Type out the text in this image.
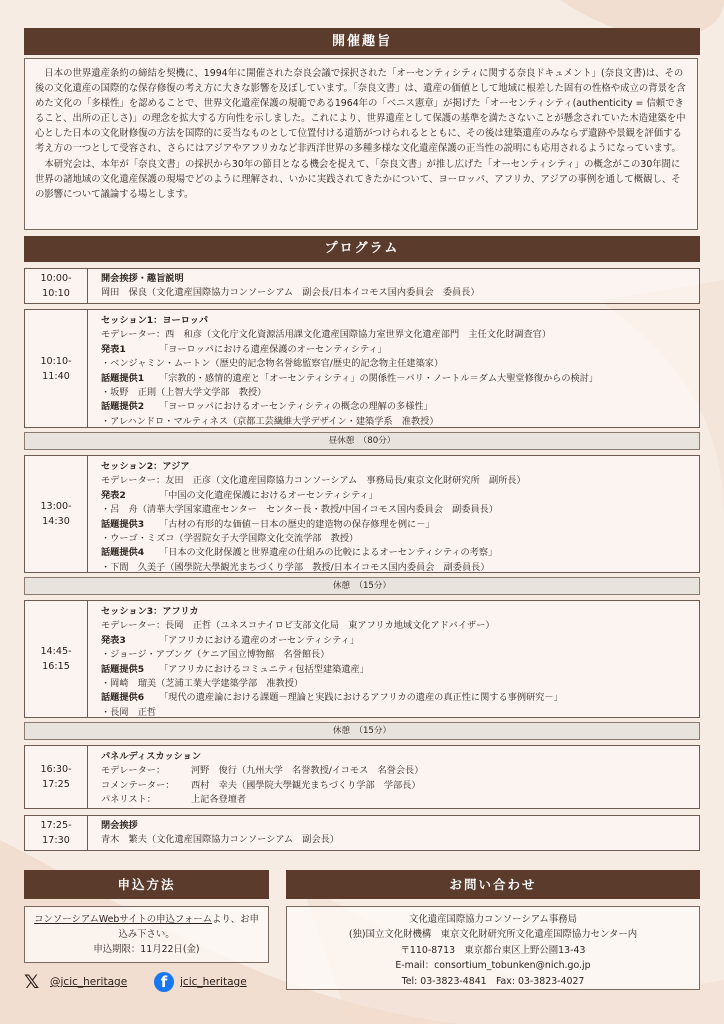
開催趣旨

日本の世界遺産条約の締結を契機に、1994年に開催された奈良会議で採択された「オーセンティシティに関する奈良ドキュメント」(奈良文書)は、その後の文化遺産の国際的な保存修復の考え方に大きな影響を及ぼしています。「奈良文書」は、遺産の価値として地域に根差した固有の性格や成立の背景を含めた文化の「多様性」を認めることで、世界文化遺産保護の規範である1964年の「ベニス憲章」が掲げた「オーセンティシティ(authenticity = 信頼できること、出所の正しさ)」の理念を拡大する方向性を示しました。これにより、世界遺産として保護の基準を満たさないことが懸念されていた木造建築を中心とした日本の文化財修復の方法を国際的に妥当なものとして位置付ける道筋がつけられるとともに、その後は建築遺産のみならず遺跡や景観を評価する考え方の一つとして受容され、さらにはアジアやアフリカなど非西洋世界の多種多様な文化遺産保護の正当性の説明にも応用されるようになっています。

本研究会は、本年が「奈良文書」の採択から30年の節目となる機会を捉えて、「奈良文書」が推し広げた「オーセンティシティ」の概念がこの30年間に世界の諸地域の文化遺産保護の現場でどのように理解され、いかに実践されてきたかについて、ヨーロッパ、アフリカ、アジアの事例を通して概観し、その影響について議論する場とします。

プログラム
10:00-
10:10
開会挨拶・趣旨説明
岡田　保良（文化遺産国際協力コンソーシアム　副会長/日本イコモス国内委員会　委員長）
10:10-
11:40
セッション1：ヨーロッパ
モデレーター：西　和彦（文化庁文化資源活用課文化遺産国際協力室世界文化遺産部門　主任文化財調査官）
発表1	「ヨーロッパにおける遺産保護のオーセンティシティ」
・ベンジャミン・ムートン（歴史的記念物名誉総監察官/歴史的記念物主任建築家）
話題提供1 「宗教的・感情的遺産と「オーセンティシティ」の関係性－パリ・ノートル＝ダム大聖堂修復からの検討」
・坂野　正則（上智大学文学部　教授）
話題提供2 「ヨーロッパにおけるオーセンティシティの概念の理解の多様性」
・アレハンドロ・マルティネス（京都工芸繊維大学デザイン・建築学系　准教授）
昼休憩　（80分）
13:00-
14:30
セッション2：アジア
モデレーター：友田　正彦（文化遺産国際協力コンソーシアム　事務局長/東京文化財研究所　副所長）
発表2	「中国の文化遺産保護におけるオーセンティシティ」
・呂　舟（清華大学国家遺産センター　センター長・教授/中国イコモス国内委員会　副委員長）
話題提供3 「古材の有形的な価値－日本の歴史的建造物の保存修理を例に－」
・ウーゴ・ミズコ（学習院女子大学国際文化交流学部　教授）
話題提供4 「日本の文化財保護と世界遺産の仕組みの比較によるオーセンティシティの考察」
・下間　久美子（國學院大學観光まちづくり学部　教授/日本イコモス国内委員会　副委員長）
休憩　（15分）
14:45-
16:15
セッション3：アフリカ
モデレーター：長岡　正哲（ユネスコナイロビ支部文化局　東アフリカ地域文化アドバイザー）
発表3	「アフリカにおける遺産のオーセンティシティ」
・ジョージ・アブング（ケニア国立博物館　名誉館長）
話題提供5 「アフリカにおけるコミュニティ包括型建築遺産」
・岡崎　瑠美（芝浦工業大学建築学部　准教授）
話題提供6 「現代の遺産論における課題－理論と実践におけるアフリカの遺産の真正性に関する事例研究－」
・長岡　正哲
休憩　（15分）
16:30-
17:25
パネルディスカッション
モデレーター：	河野　俊行（九州大学　名誉教授/イコモス　名誉会長）
コメンテーター： 西村　幸夫（國學院大學観光まちづくり学部　学部長）
パネリスト：	上記各登壇者
17:25-
17:30
閉会挨拶
青木　繁夫（文化遺産国際協力コンソーシアム　副会長）
申込方法
コンソーシアムWebサイトの申込フォームより、お申
込み下さい。
申込期限：11月22日(金)
お問い合わせ
文化遺産国際協力コンソーシアム事務局
(独)国立文化財機構　東京文化財研究所文化遺産国際協力センター内
〒110-8713　東京都台東区上野公園13-43
E-mail：consortium_tobunken@nich.go.jp
Tel: 03-3823-4841　Fax: 03-3823-4027
𝕏	@jcic_heritage	f	jcic_heritage
